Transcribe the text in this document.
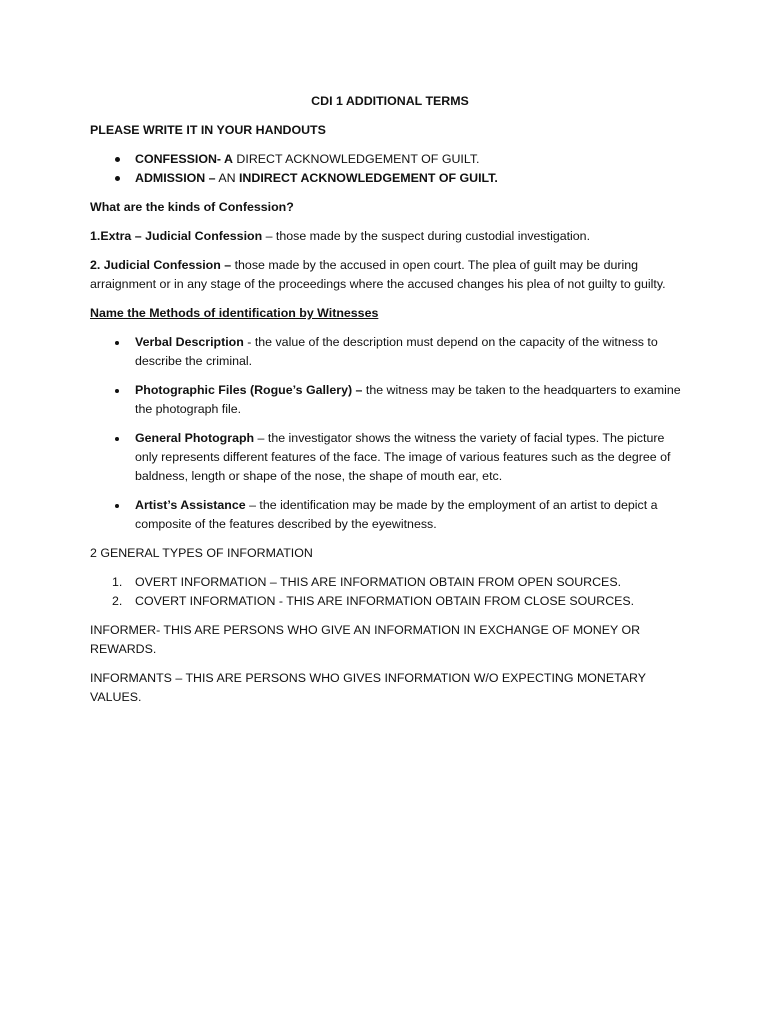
CDI 1 ADDITIONAL TERMS

PLEASE WRITE IT IN YOUR HANDOUTS

CONFESSION- A DIRECT ACKNOWLEDGEMENT OF GUILT.
ADMISSION – AN INDIRECT ACKNOWLEDGEMENT OF GUILT.

What are the kinds of Confession?

1.Extra – Judicial Confession – those made by the suspect during custodial investigation.

2. Judicial Confession – those made by the accused in open court. The plea of guilt may be during arraignment or in any stage of the proceedings where the accused changes his plea of not guilty to guilty.

Name the Methods of identification by Witnesses

Verbal Description - the value of the description must depend on the capacity of the witness to describe the criminal.
Photographic Files (Rogue’s Gallery) – the witness may be taken to the headquarters to examine the photograph file.
General Photograph – the investigator shows the witness the variety of facial types. The picture only represents different features of the face. The image of various features such as the degree of baldness, length or shape of the nose, the shape of mouth ear, etc.
Artist’s Assistance – the identification may be made by the employment of an artist to depict a composite of the features described by the eyewitness.

2 GENERAL TYPES OF INFORMATION

1. OVERT INFORMATION – THIS ARE INFORMATION OBTAIN FROM OPEN SOURCES.
2. COVERT INFORMATION - THIS ARE INFORMATION OBTAIN FROM CLOSE SOURCES.

INFORMER- THIS ARE PERSONS WHO GIVE AN INFORMATION IN EXCHANGE OF MONEY OR REWARDS.

INFORMANTS – THIS ARE PERSONS WHO GIVES INFORMATION W/O EXPECTING MONETARY VALUES.
